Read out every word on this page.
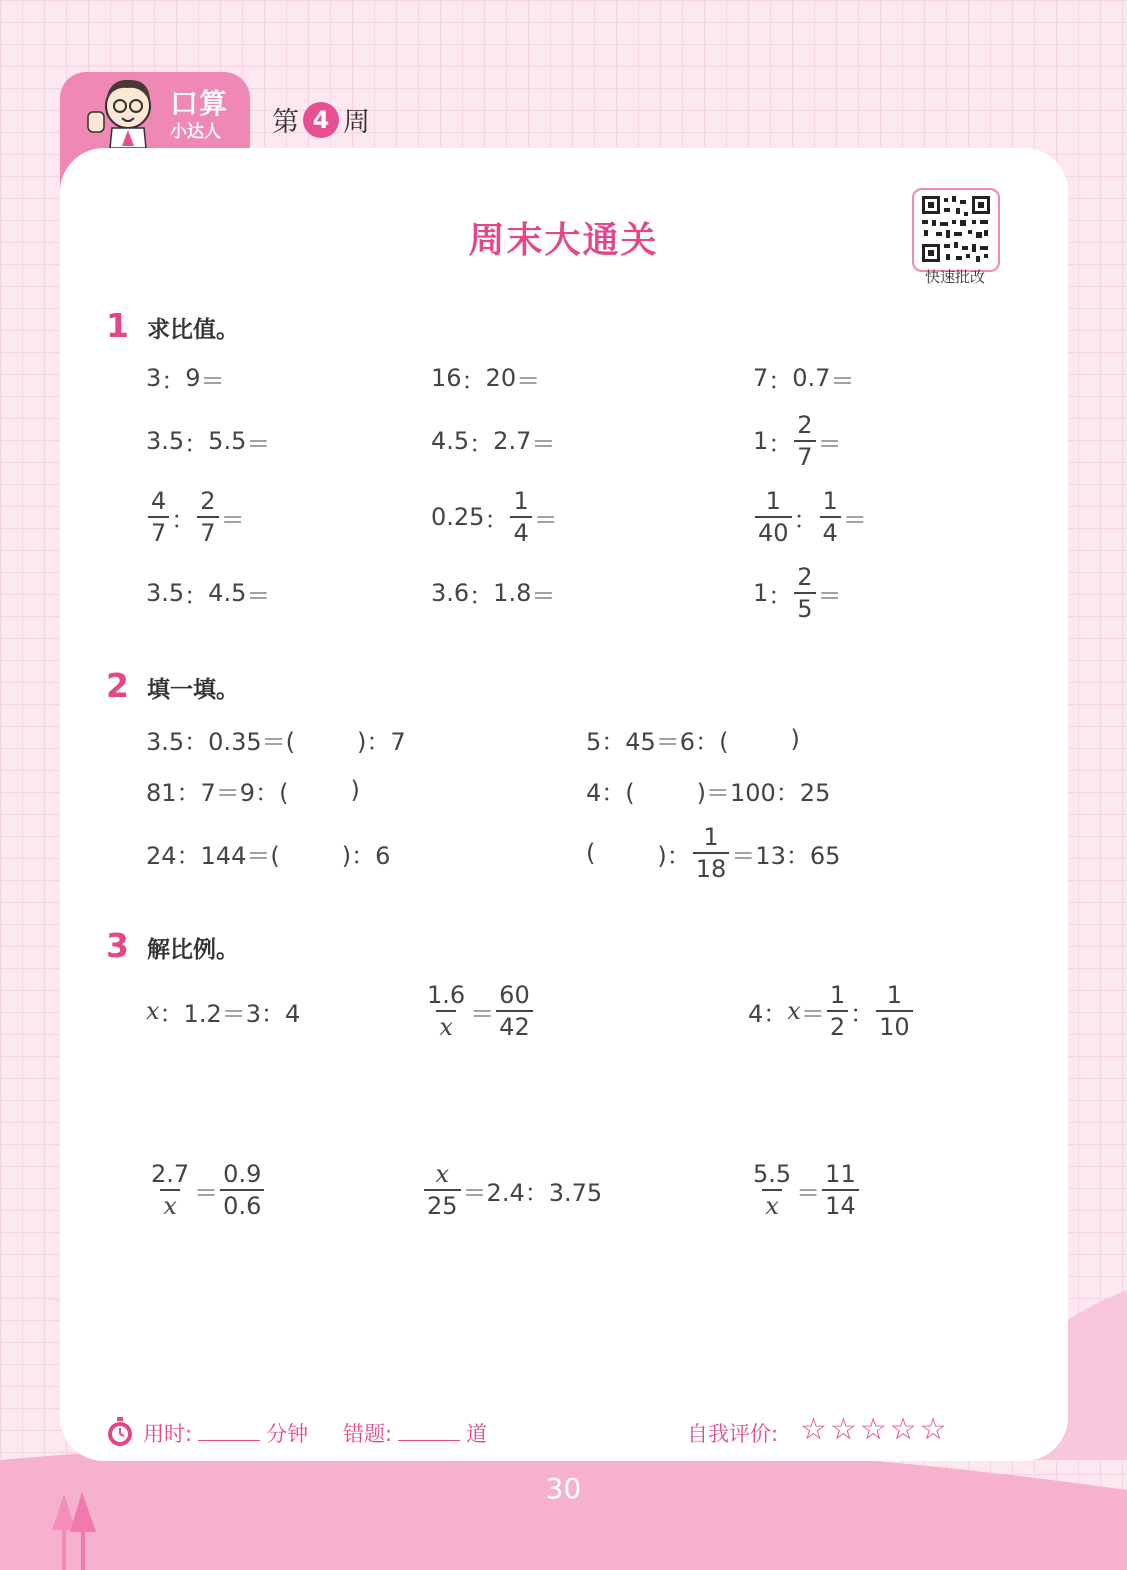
口算
小达人 第 4 周
周末大通关
快速批改
1 求比值。
3 ： 9 ＝	16 ： 20 ＝	7 ： 0.7 ＝
3.5 ： 5.5 ＝	4.5 ： 2.7 ＝	1 ： $\frac{2}{7}$ ＝
$\frac{4}{7}$ ： $\frac{2}{7}$ ＝	0.25 ： $\frac{1}{4}$ ＝	$\frac{1}{40}$ ： $\frac{1}{4}$ ＝
3.5 ： 4.5 ＝	3.6 ： 1.8 ＝	1 ： $\frac{2}{5}$ ＝
2 填一填。
3.5：0.35＝(	)：7	5：45＝6：(	)
81：7＝9：(	)	4：(	)＝100：25
24：144＝(	)：6	(	)： $\frac{1}{18} =13$：65
3 解比例。
x ：1.2＝3：4	$\frac{1.6}{x} = \frac{60}{42}$	4： $x = \frac{1}{2}$ ： $\frac{1}{10}$
$\frac{2.7}{x} = \frac{0.9}{0.6}$	$\frac{x}{25} =2.4$：3.75	$\frac{5.5}{x} = \frac{11}{14}$
用时:	分钟 错题:	道	自我评价: ☆☆☆☆☆
30
